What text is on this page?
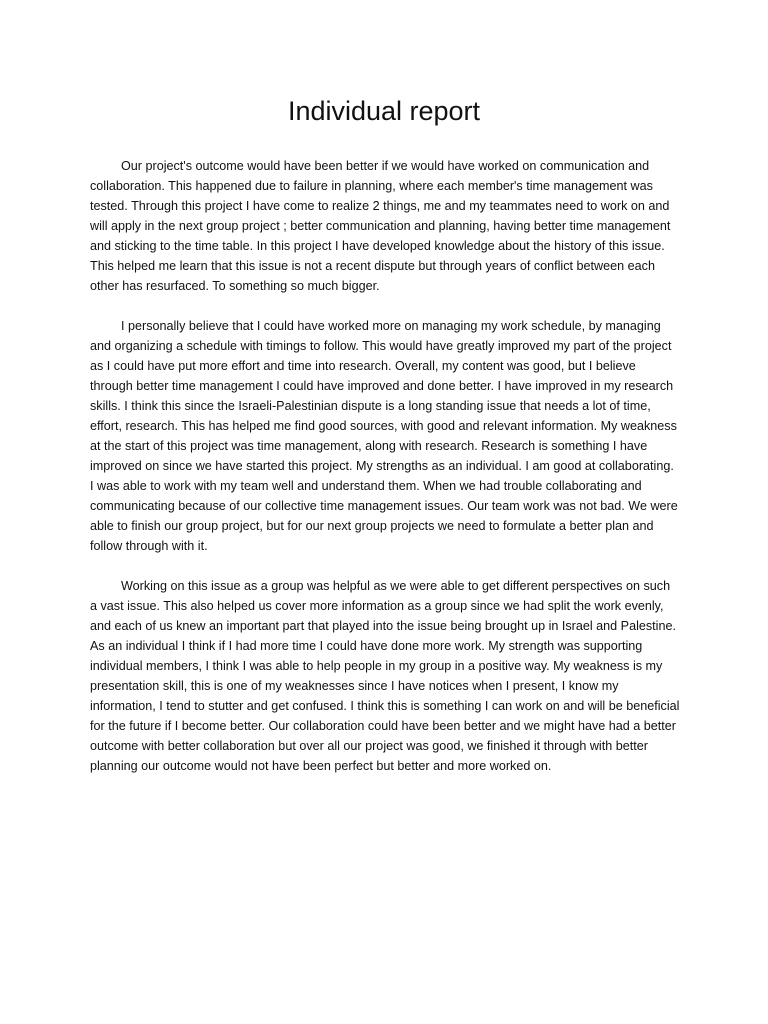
Individual report

Our project's outcome would have been better if we would have worked on communication and collaboration. This happened due to failure in planning, where each member's time management was tested. Through this project I have come to realize 2 things, me and my teammates need to work on and will apply in the next group project ; better communication and planning, having better time management and sticking to the time table. In this project I have developed knowledge about the history of this issue. This helped me learn that this issue is not a recent dispute but through years of conflict between each other has resurfaced. To something so much bigger.

I personally believe that I could have worked more on managing my work schedule, by managing and organizing a schedule with timings to follow. This would have greatly improved my part of the project as I could have put more effort and time into research. Overall, my content was good, but I believe through better time management I could have improved and done better. I have improved in my research skills. I think this since the Israeli-Palestinian dispute is a long standing issue that needs a lot of time, effort, research. This has helped me find good sources, with good and relevant information. My weakness at the start of this project was time management, along with research. Research is something I have improved on since we have started this project. My strengths as an individual. I am good at collaborating. I was able to work with my team well and understand them. When we had trouble collaborating and communicating because of our collective time management issues. Our team work was not bad. We were able to finish our group project, but for our next group projects we need to formulate a better plan and follow through with it.

Working on this issue as a group was helpful as we were able to get different perspectives on such a vast issue. This also helped us cover more information as a group since we had split the work evenly, and each of us knew an important part that played into the issue being brought up in Israel and Palestine. As an individual I think if I had more time I could have done more work. My strength was supporting individual members, I think I was able to help people in my group in a positive way. My weakness is my presentation skill, this is one of my weaknesses since I have notices when I present, I know my information, I tend to stutter and get confused. I think this is something I can work on and will be beneficial for the future if I become better. Our collaboration could have been better and we might have had a better outcome with better collaboration but over all our project was good, we finished it through with better planning our outcome would not have been perfect but better and more worked on.
